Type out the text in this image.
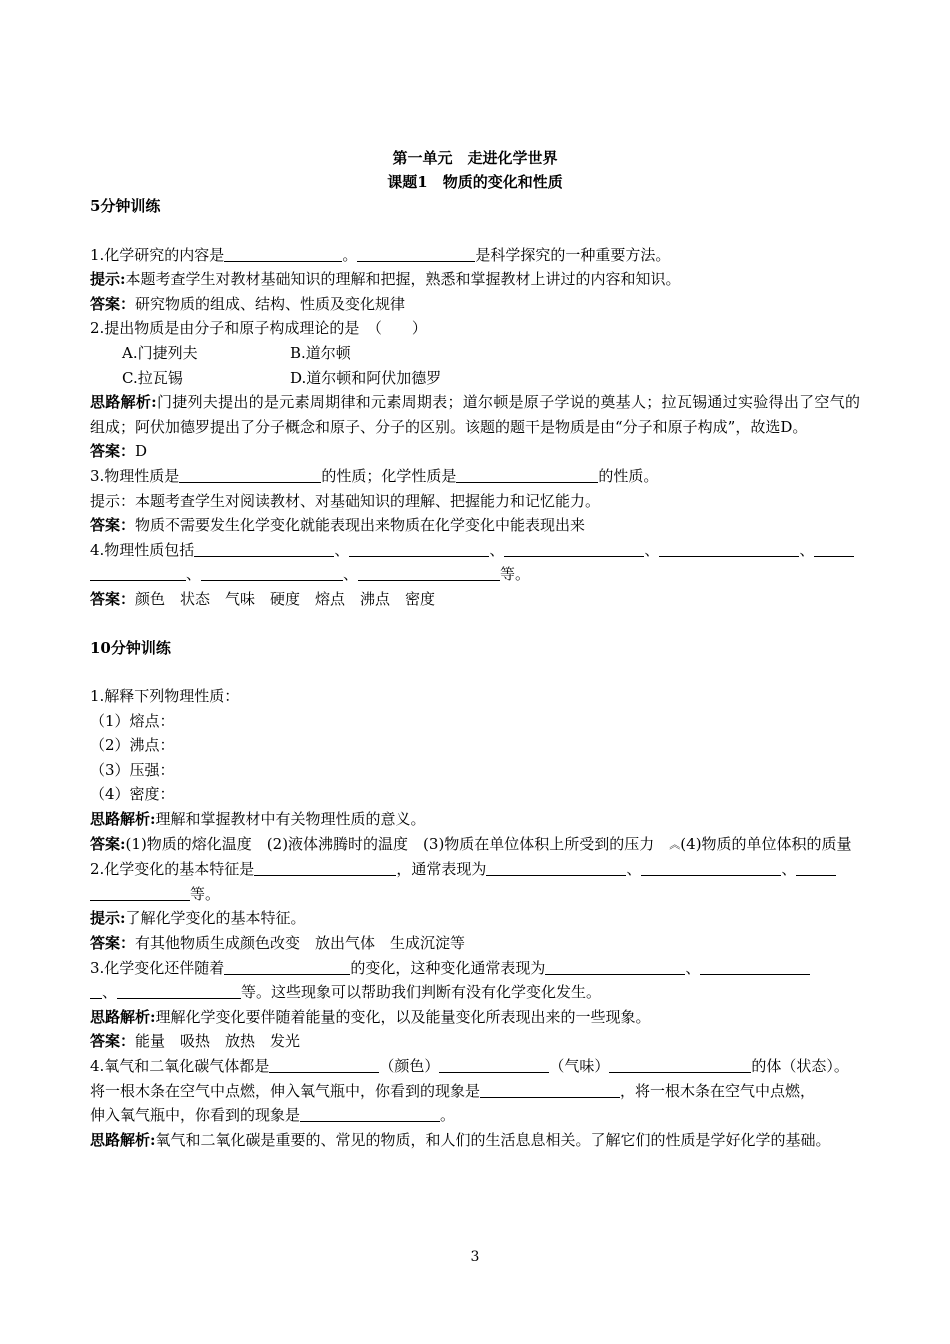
第一单元　走进化学世界
课题1　物质的变化和性质
5分钟训练
1.化学研究的内容是	。	是科学探究的一种重要方法。
提示:本题考查学生对教材基础知识的理解和把握，熟悉和掌握教材上讲过的内容和知识。
答案：研究物质的组成、结构、性质及变化规律
2.提出物质是由分子和原子构成理论的是　（　　）
A.门捷列夫	B.道尔顿
C.拉瓦锡	D.道尔顿和阿伏加德罗
思路解析:门捷列夫提出的是元素周期律和元素周期表；道尔顿是原子学说的奠基人；拉瓦锡通过实验得出了空气的组成；阿伏加德罗提出了分子概念和原子、分子的区别。该题的题干是物质是由“分子和原子构成”，故选D。
答案：D
3.物理性质是	的性质；化学性质是	的性质。
提示：本题考查学生对阅读教材、对基础知识的理解、把握能力和记忆能力。
答案：物质不需要发生化学变化就能表现出来物质在化学变化中能表现出来
4.物理性质包括	、	、	、	、
、	、	等。
答案：颜色　状态　气味　硬度　熔点　沸点　密度
10分钟训练
1.解释下列物理性质：
（1）熔点：
（2）沸点：
（3）压强：
（4）密度：
思路解析:理解和掌握教材中有关物理性质的意义。
答案:(1)物质的熔化温度　(2)液体沸腾时的温度　(3)物质在单位体积上所受到的压力　︽(4)物质的单位体积的质量
2.化学变化的基本特征是	，通常表现为	、	、
等。
提示:了解化学变化的基本特征。
答案：有其他物质生成颜色改变　放出气体　生成沉淀等
3.化学变化还伴随着	的变化，这种变化通常表现为	、
、	等。这些现象可以帮助我们判断有没有化学变化发生。
思路解析:理解化学变化要伴随着能量的变化，以及能量变化所表现出来的一些现象。
答案：能量　吸热　放热　发光
4.氧气和二氧化碳气体都是	（颜色）	（气味）	的体（状态）。
将一根木条在空气中点燃，伸入氧气瓶中，你看到的现象是	，将一根木条在空气中点燃，
伸入氧气瓶中，你看到的现象是	。
思路解析:氧气和二氧化碳是重要的、常见的物质，和人们的生活息息相关。了解它们的性质是学好化学的基础。
3
